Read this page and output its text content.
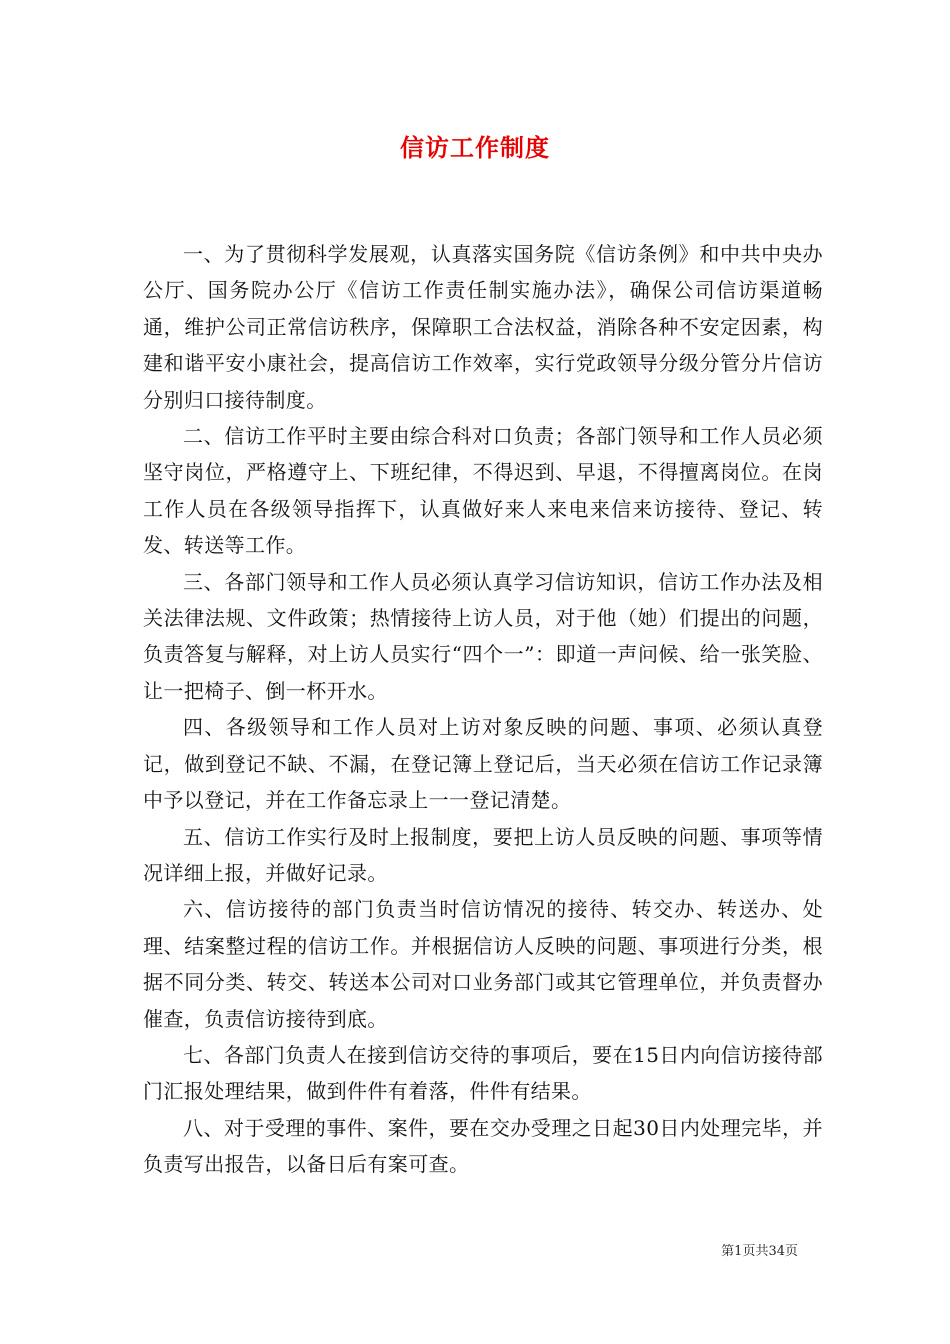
信访工作制度

一、为了贯彻科学发展观，认真落实国务院《信访条例》和中共中央办公厅、国务院办公厅《信访工作责任制实施办法》，确保公司信访渠道畅通，维护公司正常信访秩序，保障职工合法权益，消除各种不安定因素，构建和谐平安小康社会，提高信访工作效率，实行党政领导分级分管分片信访分别归口接待制度。

二、信访工作平时主要由综合科对口负责；各部门领导和工作人员必须坚守岗位，严格遵守上、下班纪律，不得迟到、早退，不得擅离岗位。在岗工作人员在各级领导指挥下，认真做好来人来电来信来访接待、登记、转发、转送等工作。

三、各部门领导和工作人员必须认真学习信访知识，信访工作办法及相关法律法规、文件政策；热情接待上访人员，对于他（她）们提出的问题，负责答复与解释，对上访人员实行“四个一”：即道一声问候、给一张笑脸、让一把椅子、倒一杯开水。

四、各级领导和工作人员对上访对象反映的问题、事项、必须认真登记，做到登记不缺、不漏，在登记簿上登记后，当天必须在信访工作记录簿中予以登记，并在工作备忘录上一一登记清楚。

五、信访工作实行及时上报制度，要把上访人员反映的问题、事项等情况详细上报，并做好记录。

六、信访接待的部门负责当时信访情况的接待、转交办、转送办、处理、结案整过程的信访工作。并根据信访人反映的问题、事项进行分类，根据不同分类、转交、转送本公司对口业务部门或其它管理单位，并负责督办催查，负责信访接待到底。

七、各部门负责人在接到信访交待的事项后，要在15日内向信访接待部门汇报处理结果，做到件件有着落，件件有结果。

八、对于受理的事件、案件，要在交办受理之日起30日内处理完毕，并负责写出报告，以备日后有案可查。

第1页共34页
